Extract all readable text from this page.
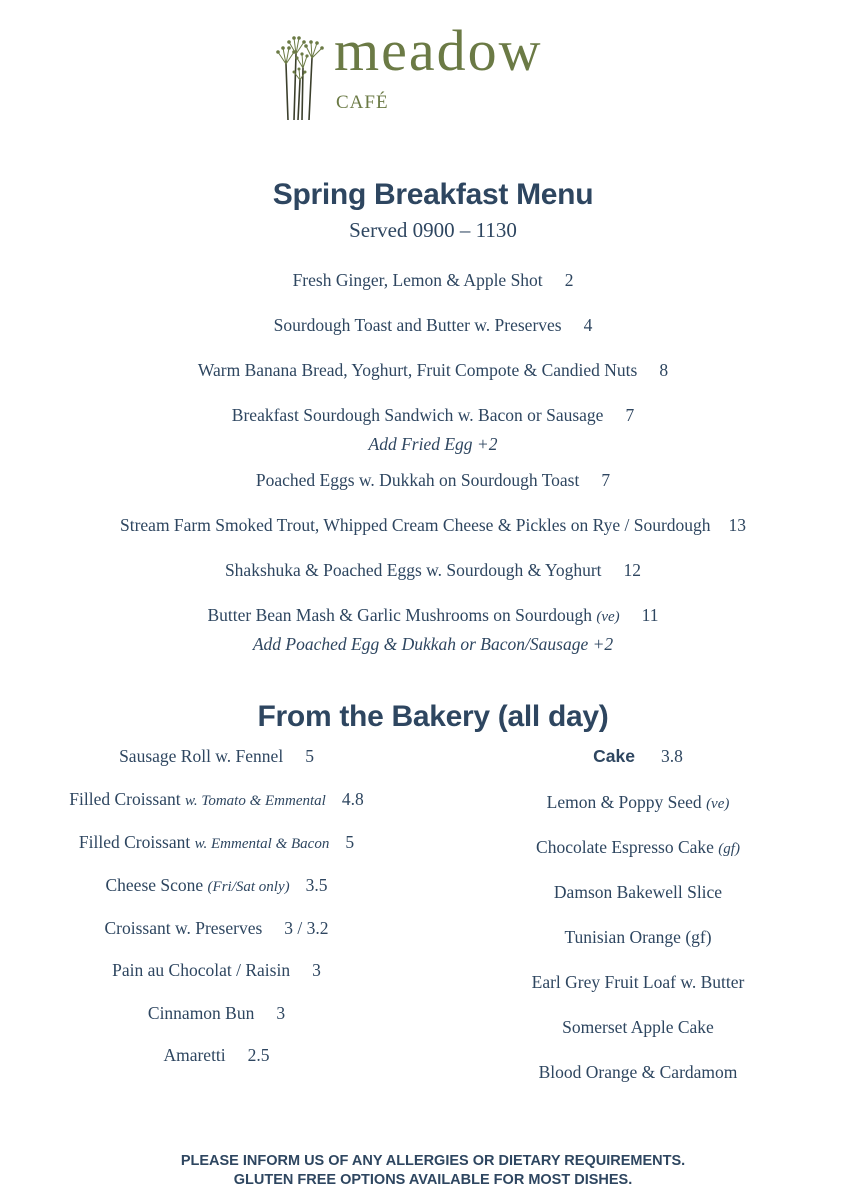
meadow
CAFÉ
Spring Breakfast Menu
Served 0900 – 1130
Fresh Ginger, Lemon & Apple Shot 2
Sourdough Toast and Butter w. Preserves 4
Warm Banana Bread, Yoghurt, Fruit Compote & Candied Nuts 8
Breakfast Sourdough Sandwich w. Bacon or Sausage 7
Add Fried Egg +2
Poached Eggs w. Dukkah on Sourdough Toast 7
Stream Farm Smoked Trout, Whipped Cream Cheese & Pickles on Rye / Sourdough 13
Shakshuka & Poached Eggs w. Sourdough & Yoghurt 12
Butter Bean Mash & Garlic Mushrooms on Sourdough (ve) 11
Add Poached Egg & Dukkah or Bacon/Sausage +2
From the Bakery (all day)
Sausage Roll w. Fennel 5
Filled Croissant w. Tomato & Emmental 4.8
Filled Croissant w. Emmental & Bacon 5
Cheese Scone (Fri/Sat only) 3.5
Croissant w. Preserves 3 / 3.2
Pain au Chocolat / Raisin 3
Cinnamon Bun 3
Amaretti 2.5
Cake 3.8
Lemon & Poppy Seed (ve)
Chocolate Espresso Cake (gf)
Damson Bakewell Slice
Tunisian Orange (gf)
Earl Grey Fruit Loaf w. Butter
Somerset Apple Cake
Blood Orange & Cardamom
PLEASE INFORM US OF ANY ALLERGIES OR DIETARY REQUIREMENTS.
GLUTEN FREE OPTIONS AVAILABLE FOR MOST DISHES.
